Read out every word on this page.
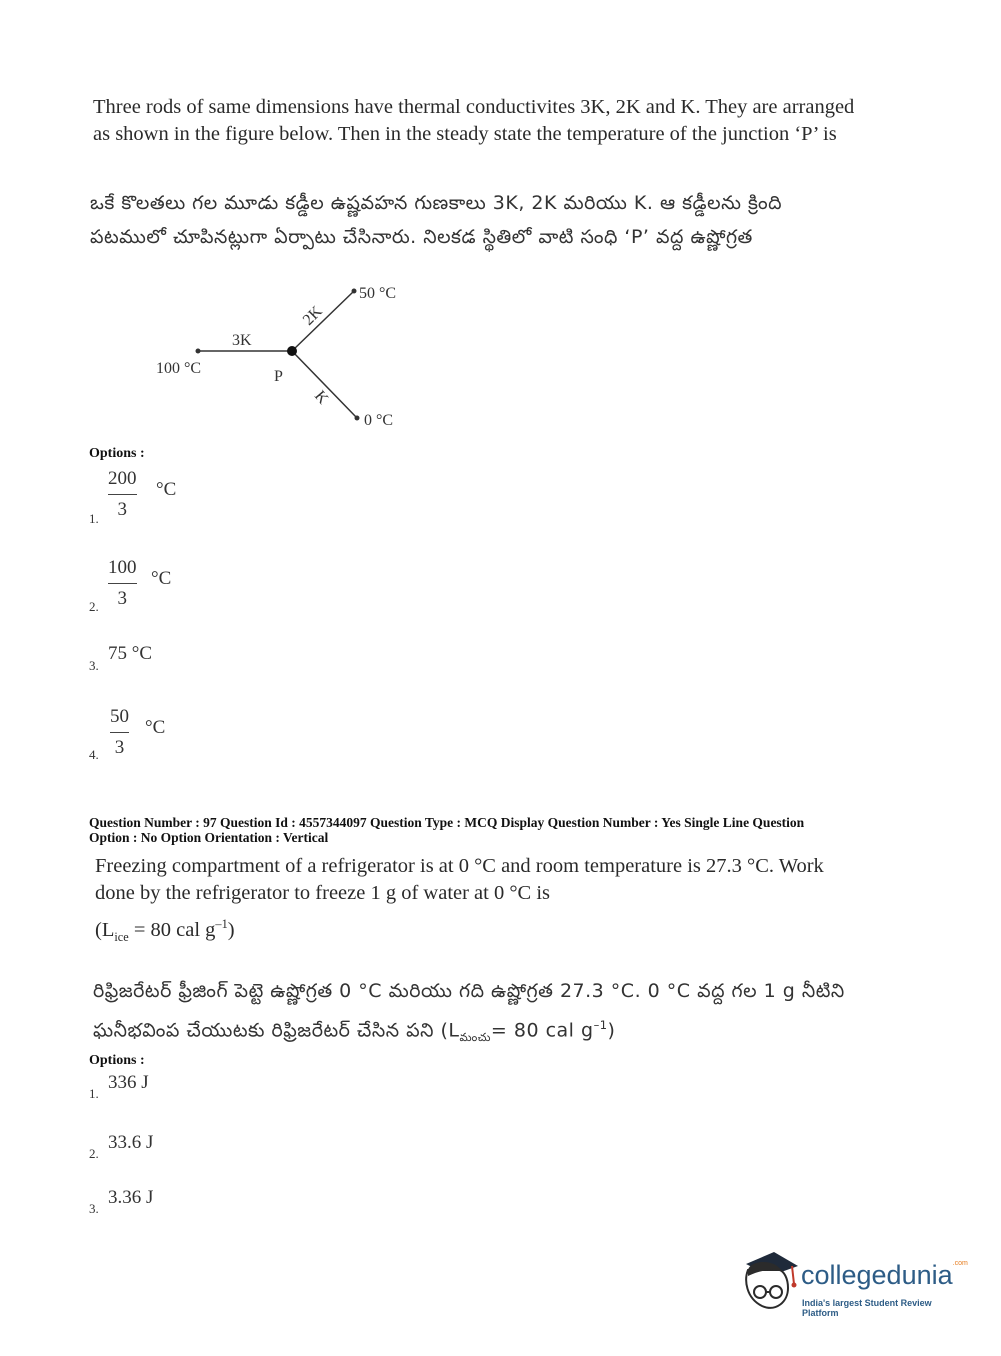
Three rods of same dimensions have thermal conductivites 3K, 2K and K. They are arranged
as shown in the figure below. Then in the steady state the temperature of the junction ‘P’ is
ఒకే కొలతలు గల మూడు కడ్డీల ఉష్ణవహన గుణకాలు 3K, 2K మరియు K. ఆ కడ్డీలను క్రింది
పటములో చూపినట్లుగా ఏర్పాటు చేసినారు. నిలకడ స్థితిలో వాటి సంధి ‘P’ వద్ద ఉష్ణోగ్రత
100 °C
50 °C
0 °C
3K
2K
K
P
Options :
1.
200
3
°C
2.
100
3
°C
3.
75 °C
4.
50
3
°C
Question Number : 97 Question Id : 4557344097 Question Type : MCQ Display Question Number : Yes Single Line Question
Option : No Option Orientation : Vertical
Freezing compartment of a refrigerator is at 0 °C and room temperature is 27.3 °C. Work
done by the refrigerator to freeze 1 g of water at 0 °C is
($L_{ice} = 80$ cal $g^{-1}$)
రిఫ్రిజరేటర్ ఫ్రీజింగ్ పెట్టె ఉష్ణోగ్రత 0 °C మరియు గది ఉష్ణోగ్రత 27.3 °C. 0 °C వద్ద గల 1 g నీటిని
ఘనీభవింప చేయుటకు రిఫ్రిజరేటర్ చేసిన పని ($L_{మంచు}= 80$ cal $g^{-1}$)
Options :
1.
336 J
2.
33.6 J
3.
3.36 J
collegedunia$^{.com}$
India's largest Student Review Platform
